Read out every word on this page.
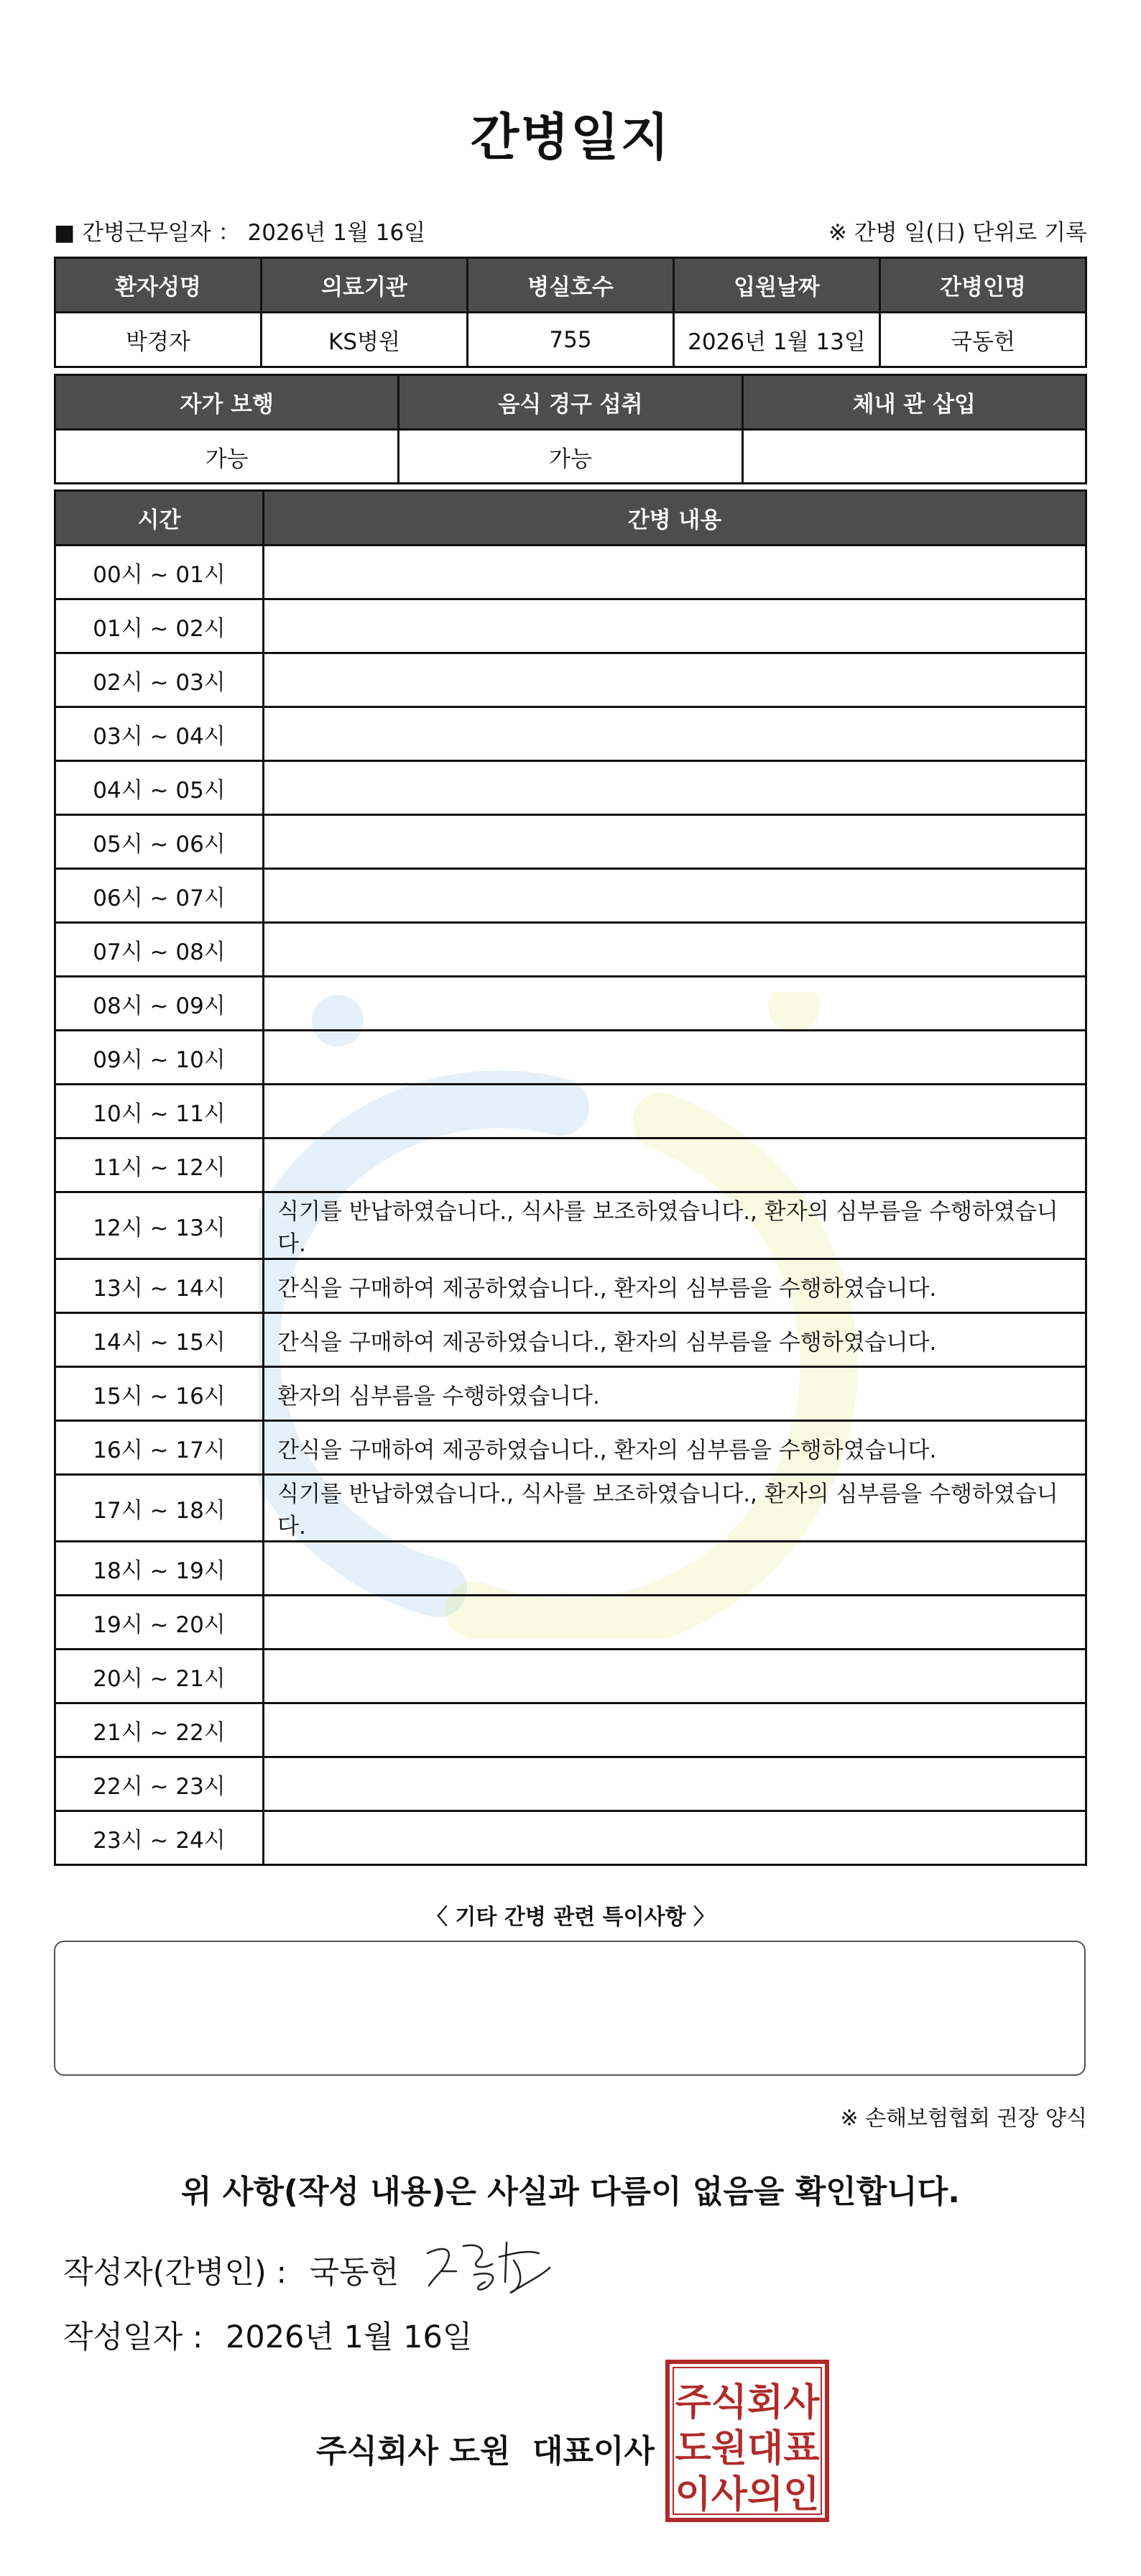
간병일지
■ 간병근무일자 ： 2026년 1월 16일	※ 간병 일(日) 단위로 기록
환자성명	의료기관	병실호수	입원날짜	간병인명
박경자	KS병원	755	2026년 1월 13일	국동헌
자가 보행	음식 경구 섭취	체내 관 삽입
가능	가능	
시간	간병 내용
00시 ~ 01시	
01시 ~ 02시	
02시 ~ 03시	
03시 ~ 04시	
04시 ~ 05시	
05시 ~ 06시	
06시 ~ 07시	
07시 ~ 08시	
08시 ~ 09시	
09시 ~ 10시	
10시 ~ 11시	
11시 ~ 12시	
12시 ~ 13시	식기를 반납하였습니다., 식사를 보조하였습니다., 환자의 심부름을 수행하였습니다.
13시 ~ 14시	간식을 구매하여 제공하였습니다., 환자의 심부름을 수행하였습니다.
14시 ~ 15시	간식을 구매하여 제공하였습니다., 환자의 심부름을 수행하였습니다.
15시 ~ 16시	환자의 심부름을 수행하였습니다.
16시 ~ 17시	간식을 구매하여 제공하였습니다., 환자의 심부름을 수행하였습니다.
17시 ~ 18시	식기를 반납하였습니다., 식사를 보조하였습니다., 환자의 심부름을 수행하였습니다.
18시 ~ 19시	
19시 ~ 20시	
20시 ~ 21시	
21시 ~ 22시	
22시 ~ 23시	
23시 ~ 24시	
〈 기타 간병 관련 특이사항 〉
※ 손해보험협회 권장 양식
위 사항(작성 내용)은 사실과 다름이 없음을 확인합니다.
작성자(간병인) : 국동헌
작성일자 : 2026년 1월 16일
주식회사 도원  대표이사
주식회사
도원대표
이사의인
